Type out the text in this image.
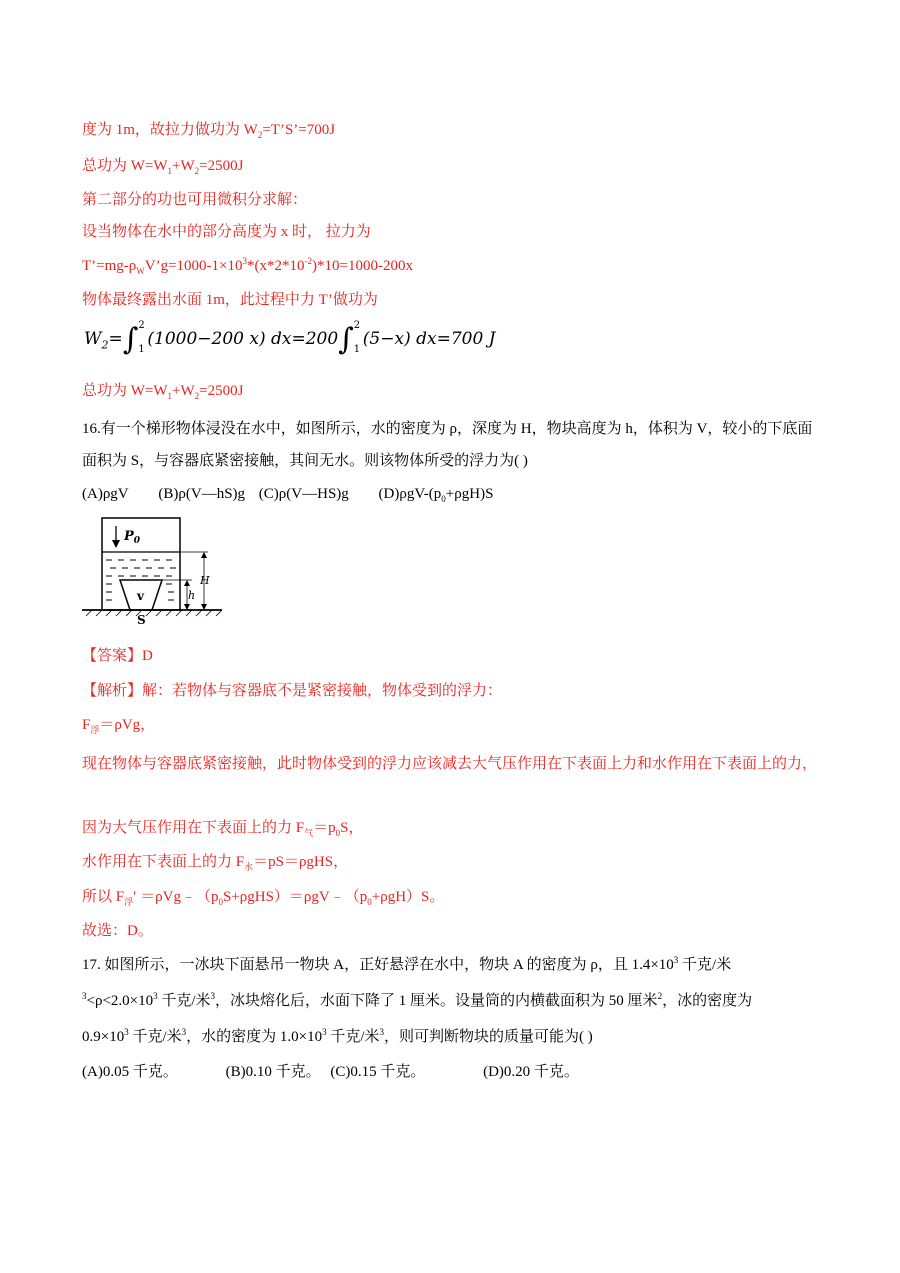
度为 1m，故拉力做功为 $W_2=T’S’=700J$
总功为 $W=W_1+W_2=2500J$
第二部分的功也可用微积分求解：
设当物体在水中的部分高度为 x 时， 拉力为
$T’=mg-\rho_WV’g=1000-1\times 10^3*(x*2*10^{-2})*10=1000-200x$
物体最终露出水面 1m，此过程中力 T’做功为
$W_2=\int$ 2
1
(1000−200 x) dx=200∫ 2
1
(5−x) dx=700 J
总功为 $W=W_1+W_2=2500J$
16.有一个梯形物体浸没在水中，如图所示，水的密度为 ρ，深度为 H，物块高度为 h，体积为 V，较小的下底面面积为 S，与容器底紧密接触，其间无水。则该物体所受的浮力为( )
(A)ρgV (B)ρ(V—hS)g (C)ρ(V—HS)g $(D)\rho gV-(p_0+\rho gH)S$
$P_0$
H
h
v
S
【答案】D
【解析】解：若物体与容器底不是紧密接触，物体受到的浮力：
$F_浮=\rho Vg$，
现在物体与容器底紧密接触，此时物体受到的浮力应该减去大气压作用在下表面上力和水作用在下表面上的力，
因为大气压作用在下表面上的力 $F_气=p_0S$，
水作用在下表面上的力 $F_水=pS=\rho gHS$，
所以 $F_浮'$ $=\rho Vg﹣(p_0S+\rho gHS)=\rho gV﹣(p_0+\rho gH)S$。
故选：D。
17. 如图所示，一冰块下面悬吊一物块 A，正好悬浮在水中，物块 A 的密度为 ρ，且 $1.4\times 10^3$ 千克/米
$^3<\rho<2.0\times 10^3$ 千克/米$^3$，冰块熔化后，水面下降了 1 厘米。设量筒的内横截面积为 50 厘米$^2$，冰的密度为
$0.9\times 10^3$ 千克/米$^3$，水的密度为 $1.0\times 10^3$ 千克/米$^3$，则可判断物块的质量可能为( )
(A)0.05 千克。	(B)0.10 千克。 (C)0.15 千克。	(D)0.20 千克。
